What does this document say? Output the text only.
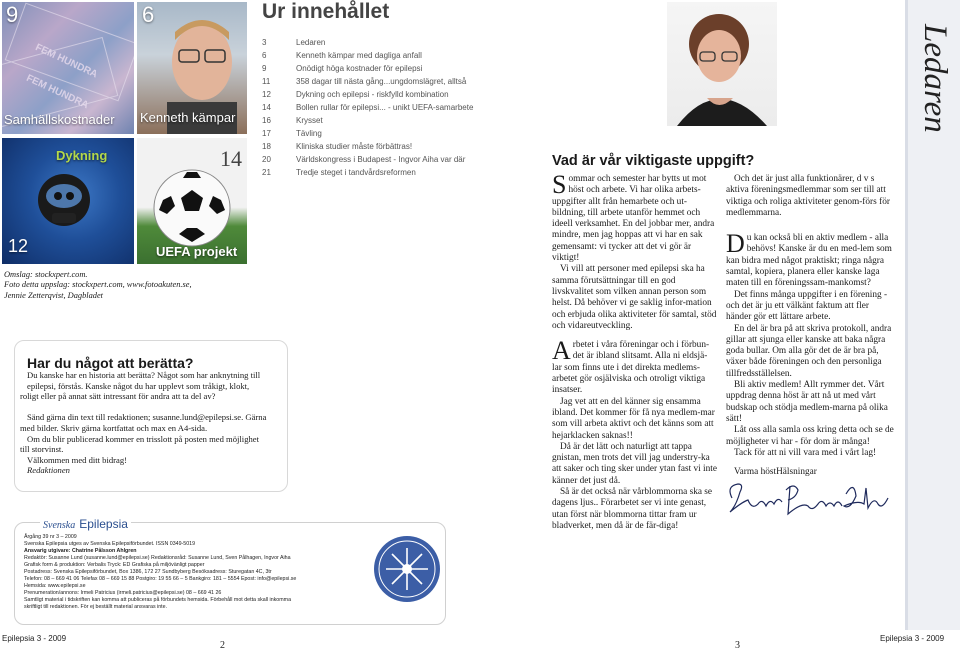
FEM HUNDRA
FEM HUNDRA
9
Samhällskostnader
6
Kenneth kämpar
Dykning
12
14
UEFA projekt
Omslag: stockxpert.com.
Foto detta uppslag: stockxpert.com, www.fotoakuten.se,
Jennie Zetterqvist, Dagbladet
Ur innehållet
3	Ledaren
6	Kenneth kämpar med dagliga anfall
9	Onödigt höga kostnader för epilepsi
11	358 dagar till nästa gång...ungdomslägret, alltså
12	Dykning och epilepsi - riskfylld kombination
14	Bollen rullar för epilepsi... - unikt UEFA-samarbete
16	Krysset
17	Tävling
18	Kliniska studier måste förbättras!
20	Världskongress i Budapest - Ingvor Aiha var där
21	Tredje steget i tandvårdsreformen
Har du något att berätta?
Du kanske har en historia att berätta? Något som har anknytning till
epilepsi, förstås. Kanske något du har upplevt som tråkigt, klokt,
roligt eller på annat sätt intressant för andra att ta del av?
Sänd gärna din text till redaktionen; susanne.lund@epilepsi.se. Gärna
med bilder. Skriv gärna kortfattat och max en A4-sida.
Om du blir publicerad kommer en trisslott på posten med möjlighet
till storvinst.
Välkommen med ditt bidrag!
Redaktionen
Svenska Epilepsia
Årgång 39 nr 3 – 2009
Svenska Epilepsia utges av Svenska Epilepsiförbundet. ISSN 0349-5019
Ansvarig utgivare: Chatrine Pålsson Ahlgren
Redaktör: Susanne Lund (susanne.lund@epilepsi.se) Redaktionsråd: Susanne Lund, Sven Pålhagen, Ingvor Aiha
Grafisk form & produktion: Verbalis Tryck: ED Grafiska på miljövänligt papper
Postadress: Svenska Epilepsiförbundet, Box 1386, 172 27 Sundbyberg Besöksadress: Sturegatan 4C, 3tr
Telefon: 08 – 669 41 06 Telefax 08 – 669 15 88 Postgiro: 19 55 66 – 5 Bankgiro: 181 – 5554 Epost: info@epilepsi.se
Hemsida: www.epilepsi.se
Prenumeration/annons: Irmeli Patricius (irmeli.patricius@epilepsi.se) 08 – 669 41 26
Samtligt material i tidskriften kan komma att publiceras på förbundets hemsida. Förbehåll mot detta skall inkomma
skriftligt till redaktionen. För ej beställt material ansvaras inte.
Epilepsia 3 - 2009
2
Vad är vår viktigaste uppgift?

Sommar och semester har bytts ut mot höst och arbete. Vi har olika arbets-uppgifter allt från hemarbete och ut-bildning, till arbete utanför hemmet och ideell verksamhet. En del jobbar mer, andra mindre, men jag hoppas att vi har en sak gemensamt: vi tycker att det vi gör är viktigt!

Vi vill att personer med epilepsi ska ha samma förutsättningar till en god livskvalitet som vilken annan person som helst. Då behöver vi ge saklig infor-mation och erbjuda olika aktiviteter för samtal, stöd och vidareutveckling.

Arbetet i våra föreningar och i förbun-det är ibland slitsamt. Alla ni eldsjä-lar som finns ute i det direkta medlems-arbetet gör osjälviska och otroligt viktiga insatser.

Jag vet att en del känner sig ensamma ibland. Det kommer för få nya medlem-mar som vill arbeta aktivt och det känns som att hejarklacken saknas!!

Då är det lätt och naturligt att tappa gnistan, men trots det vill jag understry-ka att saker och ting sker under ytan fast vi inte känner det just då.

Så är det också när vårblommorna ska se dagens ljus.. Förarbetet ser vi inte genast, utan först när blommorna tittar fram ur bladverket, men då är de fär-diga!

Och det är just alla funktionärer, d v s aktiva föreningsmedlemmar som ser till att viktiga och roliga aktiviteter genom-förs för medlemmarna.

Du kan också bli en aktiv medlem - alla behövs! Kanske är du en med-lem som kan bidra med något praktiskt; ringa några samtal, kopiera, planera eller kanske laga maten till en föreningssam-mankomst?

Det finns många uppgifter i en förening - och det är ju ett välkänt faktum att fler händer gör ett lättare arbete.

En del är bra på att skriva protokoll, andra gillar att sjunga eller kanske att baka några goda bullar. Om alla gör det de är bra på, växer både föreningen och den personliga tillfredsställelsen.

Bli aktiv medlem! Allt rymmer det. Vårt uppdrag denna höst är att nå ut med vårt budskap och stödja medlem-marna på olika sätt!

Låt oss alla samla oss kring detta och se de möjligheter vi har - för dom är många!

Tack för att ni vill vara med i vårt lag!

Varma höstHälsningar

Ledaren
3
Epilepsia 3 - 2009
